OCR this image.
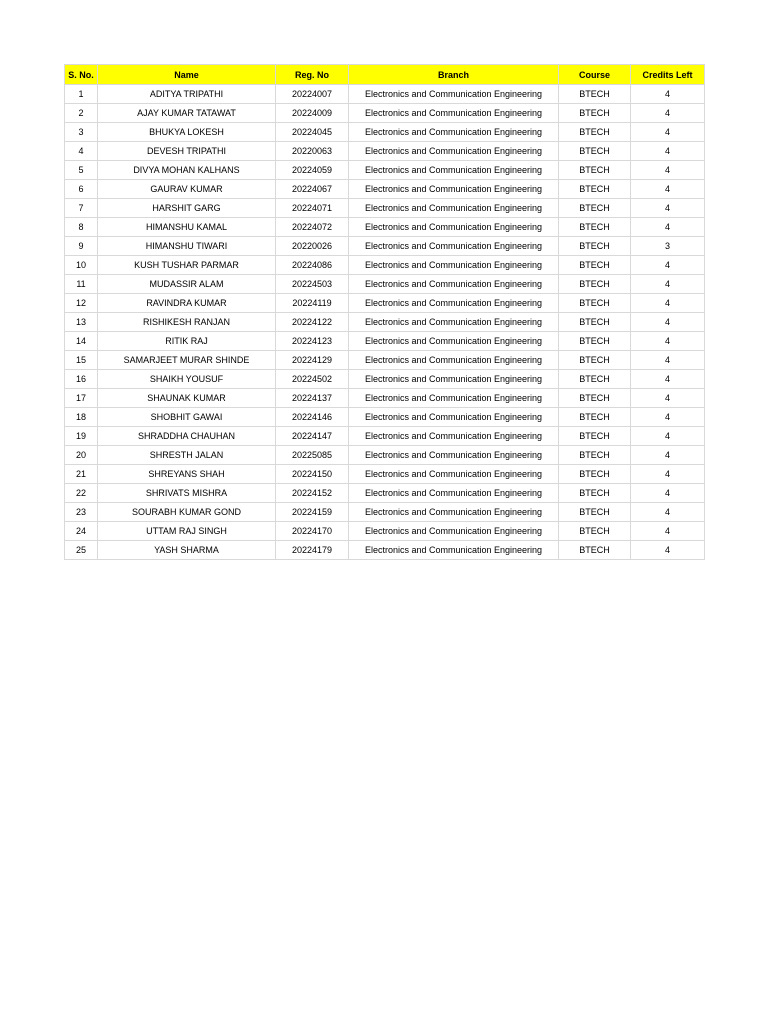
S. No.	Name	Reg. No	Branch	Course	Credits Left
1	ADITYA TRIPATHI	20224007	Electronics and Communication Engineering	BTECH	4
2	AJAY KUMAR TATAWAT	20224009	Electronics and Communication Engineering	BTECH	4
3	BHUKYA LOKESH	20224045	Electronics and Communication Engineering	BTECH	4
4	DEVESH TRIPATHI	20220063	Electronics and Communication Engineering	BTECH	4
5	DIVYA MOHAN KALHANS	20224059	Electronics and Communication Engineering	BTECH	4
6	GAURAV KUMAR	20224067	Electronics and Communication Engineering	BTECH	4
7	HARSHIT GARG	20224071	Electronics and Communication Engineering	BTECH	4
8	HIMANSHU KAMAL	20224072	Electronics and Communication Engineering	BTECH	4
9	HIMANSHU TIWARI	20220026	Electronics and Communication Engineering	BTECH	3
10	KUSH TUSHAR PARMAR	20224086	Electronics and Communication Engineering	BTECH	4
11	MUDASSIR ALAM	20224503	Electronics and Communication Engineering	BTECH	4
12	RAVINDRA KUMAR	20224119	Electronics and Communication Engineering	BTECH	4
13	RISHIKESH RANJAN	20224122	Electronics and Communication Engineering	BTECH	4
14	RITIK RAJ	20224123	Electronics and Communication Engineering	BTECH	4
15	SAMARJEET MURAR SHINDE	20224129	Electronics and Communication Engineering	BTECH	4
16	SHAIKH YOUSUF	20224502	Electronics and Communication Engineering	BTECH	4
17	SHAUNAK KUMAR	20224137	Electronics and Communication Engineering	BTECH	4
18	SHOBHIT GAWAI	20224146	Electronics and Communication Engineering	BTECH	4
19	SHRADDHA CHAUHAN	20224147	Electronics and Communication Engineering	BTECH	4
20	SHRESTH JALAN	20225085	Electronics and Communication Engineering	BTECH	4
21	SHREYANS SHAH	20224150	Electronics and Communication Engineering	BTECH	4
22	SHRIVATS MISHRA	20224152	Electronics and Communication Engineering	BTECH	4
23	SOURABH KUMAR GOND	20224159	Electronics and Communication Engineering	BTECH	4
24	UTTAM RAJ SINGH	20224170	Electronics and Communication Engineering	BTECH	4
25	YASH SHARMA	20224179	Electronics and Communication Engineering	BTECH	4
